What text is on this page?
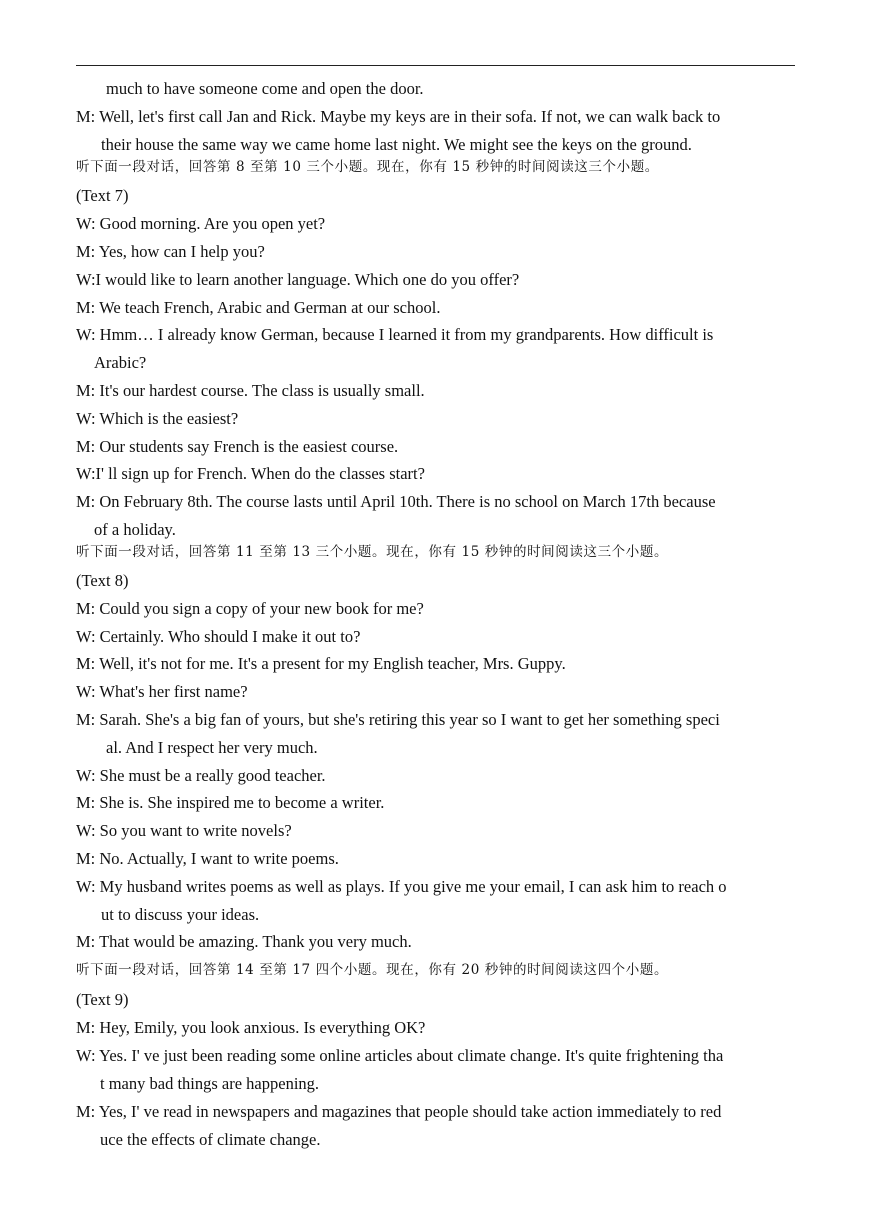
much to have someone come and open the door.
M: Well, let's first call Jan and Rick. Maybe my keys are in their sofa. If not, we can walk back to
their house the same way we came home last night. We might see the keys on the ground.
听下面一段对话，回答第 8 至第 10 三个小题。现在，你有 15 秒钟的时间阅读这三个小题。
(Text 7)
W: Good morning. Are you open yet?
M: Yes, how can I help you?
W:I would like to learn another language. Which one do you offer?
M: We teach French, Arabic and German at our school.
W: Hmm… I already know German, because I learned it from my grandparents. How difficult is
Arabic?
M: It's our hardest course. The class is usually small.
W: Which is the easiest?
M: Our students say French is the easiest course.
W:I' ll sign up for French. When do the classes start?
M: On February 8th. The course lasts until April 10th. There is no school on March 17th because
of a holiday.
听下面一段对话，回答第 11 至第 13 三个小题。现在，你有 15 秒钟的时间阅读这三个小题。
(Text 8)
M: Could you sign a copy of your new book for me?
W: Certainly. Who should I make it out to?
M: Well, it's not for me. It's a present for my English teacher, Mrs. Guppy.
W: What's her first name?
M: Sarah. She's a big fan of yours, but she's retiring this year so I want to get her something speci
al. And I respect her very much.
W: She must be a really good teacher.
M: She is. She inspired me to become a writer.
W: So you want to write novels?
M: No. Actually, I want to write poems.
W: My husband writes poems as well as plays. If you give me your email, I can ask him to reach o
ut to discuss your ideas.
M: That would be amazing. Thank you very much.
听下面一段对话，回答第 14 至第 17 四个小题。现在，你有 20 秒钟的时间阅读这四个小题。
(Text 9)
M: Hey, Emily, you look anxious. Is everything OK?
W: Yes. I' ve just been reading some online articles about climate change. It's quite frightening tha
t many bad things are happening.
M: Yes, I' ve read in newspapers and magazines that people should take action immediately to red
uce the effects of climate change.
